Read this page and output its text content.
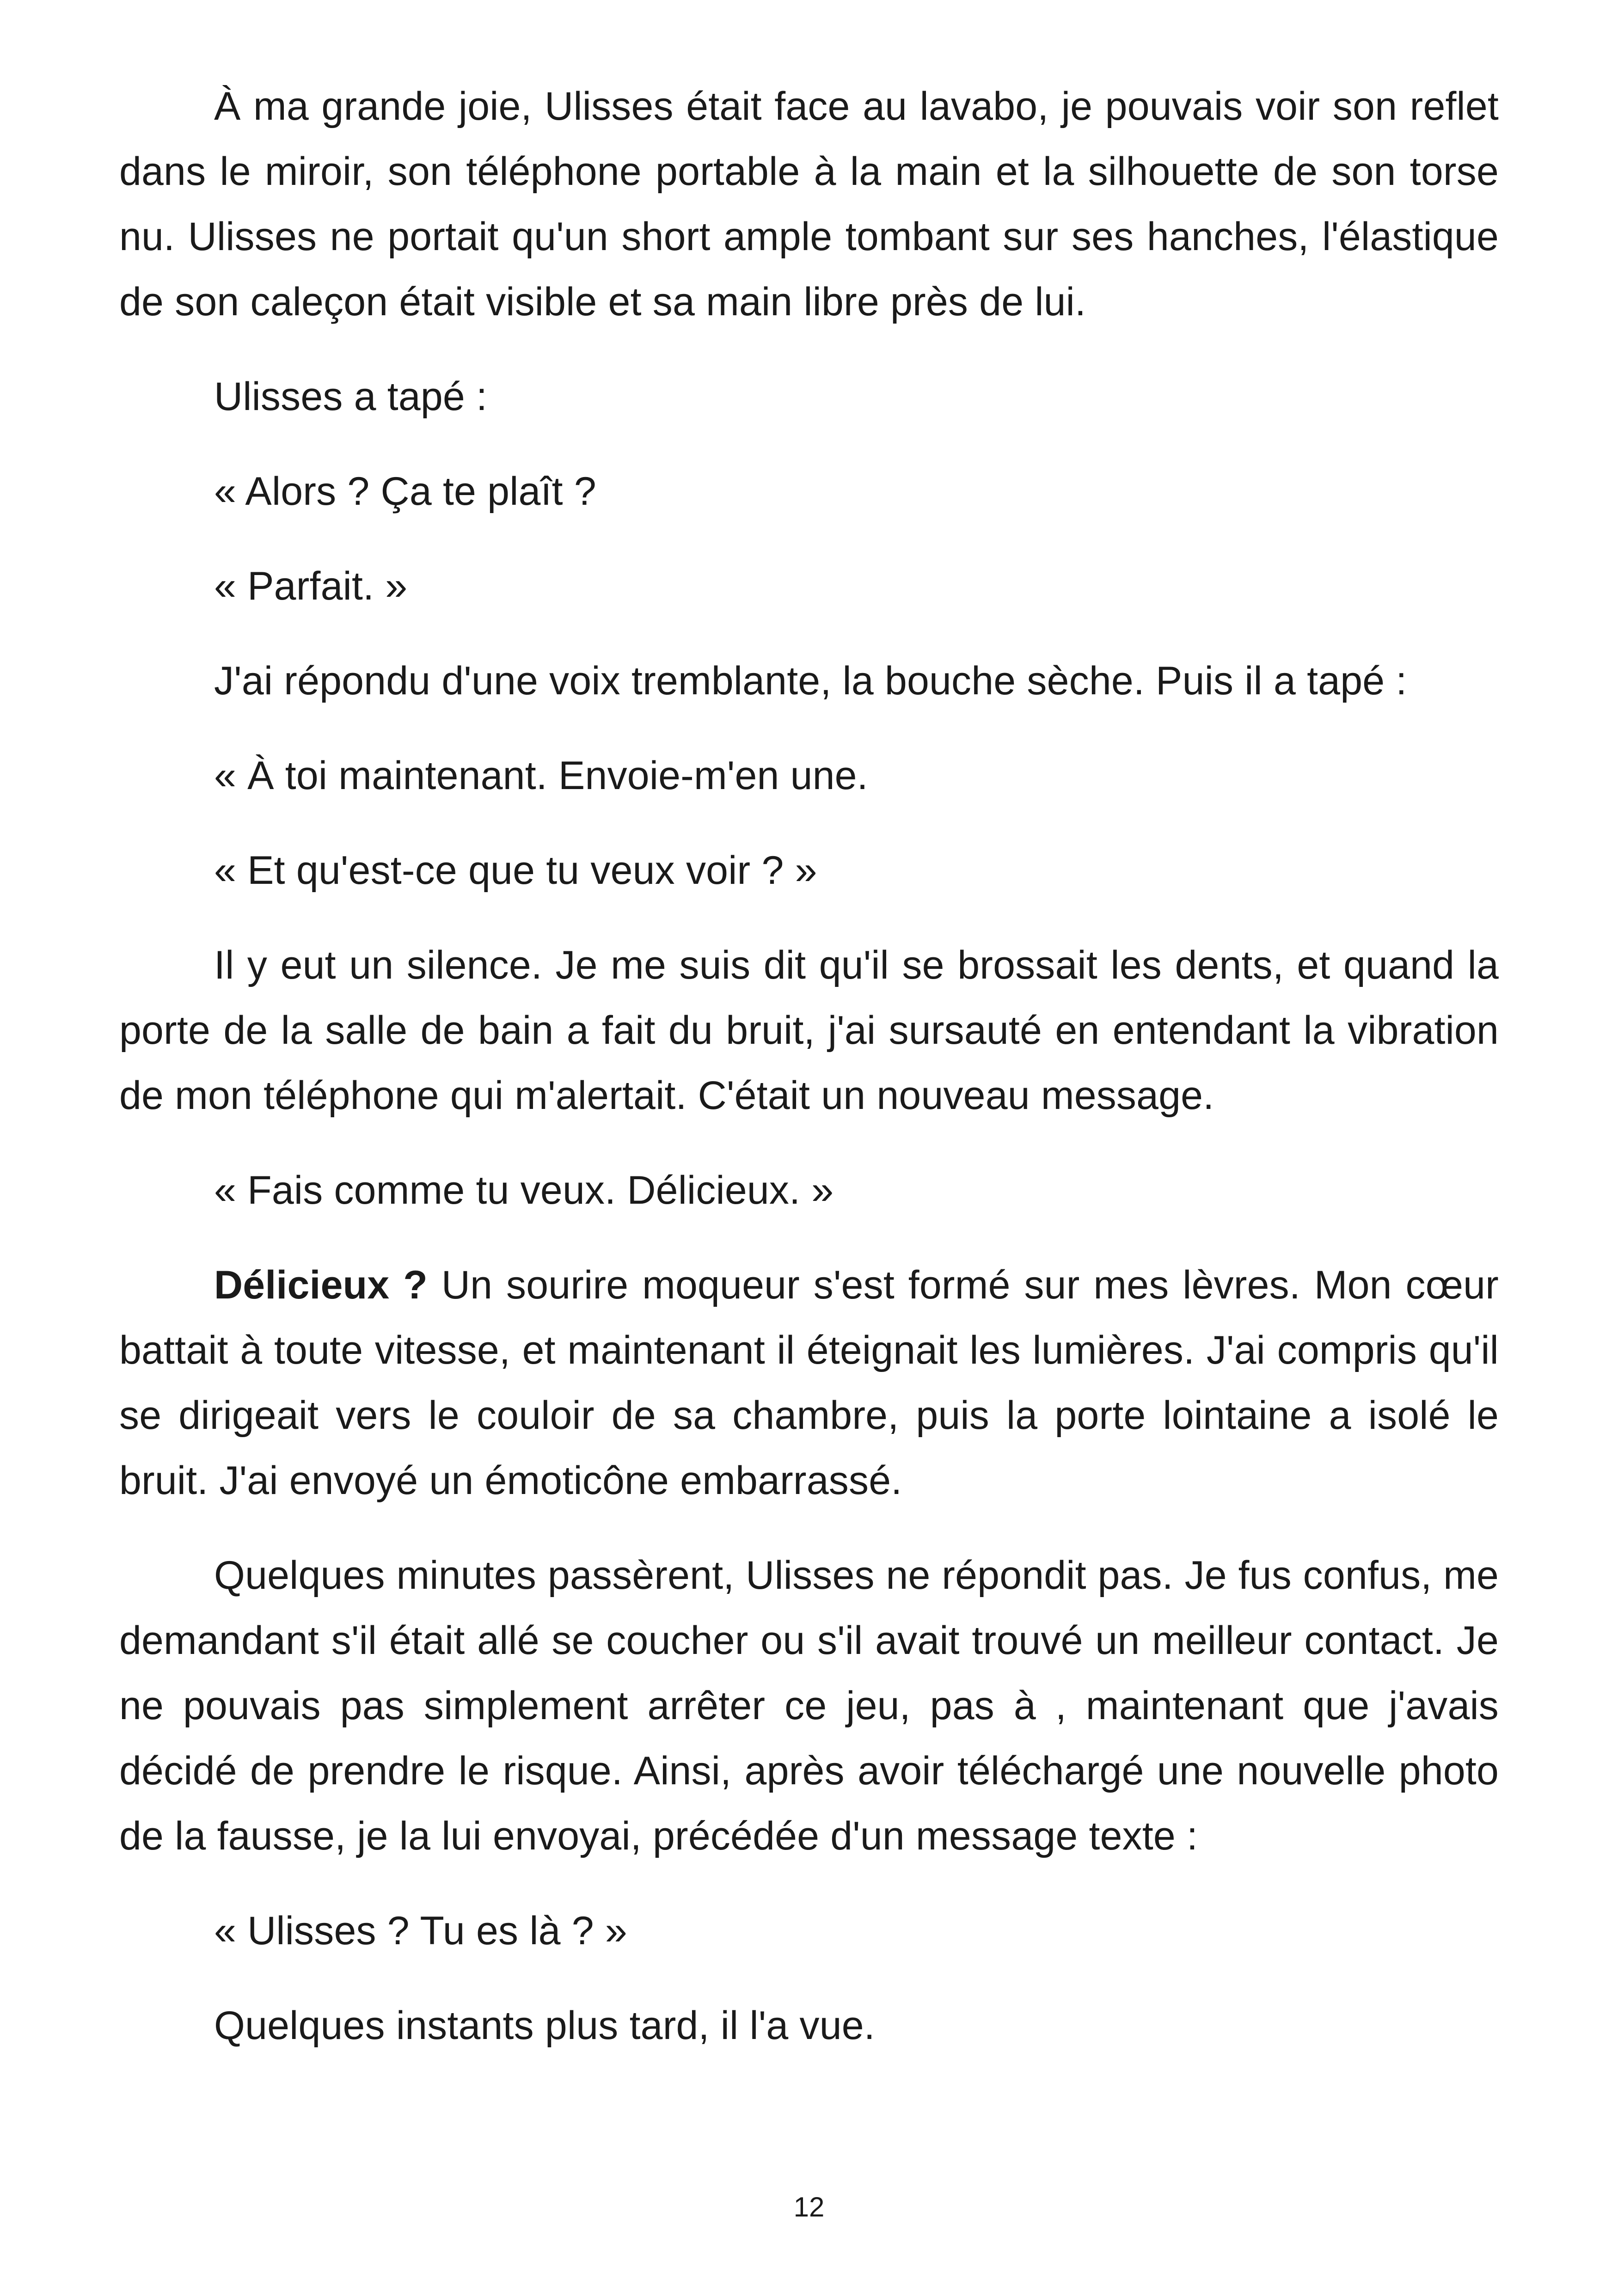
À ma grande joie, Ulisses était face au lavabo, je pouvais voir son reflet dans le miroir, son téléphone portable à la main et la silhouette de son torse nu. Ulisses ne portait qu'un short ample tombant sur ses hanches, l'élastique de son caleçon était visible et sa main libre près de lui.

Ulisses a tapé :

« Alors ? Ça te plaît ?

« Parfait. »

J'ai répondu d'une voix tremblante, la bouche sèche. Puis il a tapé :

« À toi maintenant. Envoie-m'en une.

« Et qu'est-ce que tu veux voir ? »

Il y eut un silence. Je me suis dit qu'il se brossait les dents, et quand la porte de la salle de bain a fait du bruit, j'ai sursauté en entendant la vibration de mon téléphone qui m'alertait. C'était un nouveau message.

« Fais comme tu veux. Délicieux. »

Délicieux ? Un sourire moqueur s'est formé sur mes lèvres. Mon cœur battait à toute vitesse, et maintenant il éteignait les lumières. J'ai compris qu'il se dirigeait vers le couloir de sa chambre, puis la porte lointaine a isolé le bruit. J'ai envoyé un émoticône embarrassé.

Quelques minutes passèrent, Ulisses ne répondit pas. Je fus confus, me demandant s'il était allé se coucher ou s'il avait trouvé un meilleur contact. Je ne pouvais pas simplement arrêter ce jeu, pas à , maintenant que j'avais décidé de prendre le risque. Ainsi, après avoir téléchargé une nouvelle photo de la fausse, je la lui envoyai, précédée d'un message texte :

« Ulisses ? Tu es là ? »

Quelques instants plus tard, il l'a vue.

12
